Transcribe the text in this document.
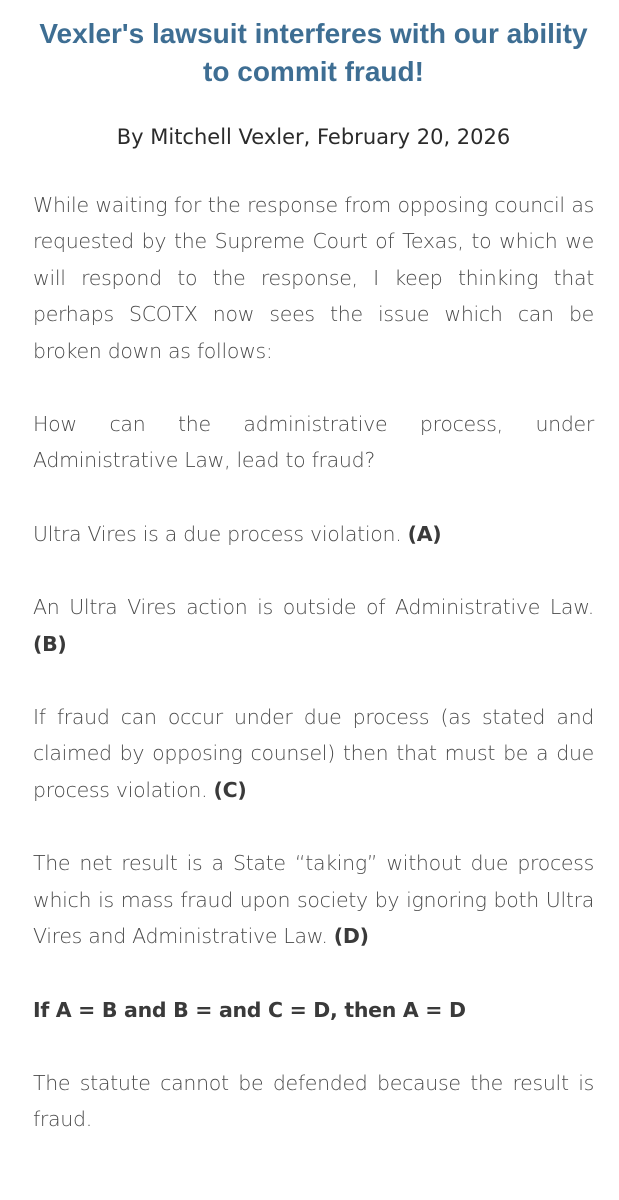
Vexler's lawsuit interferes with our ability to commit fraud!

By Mitchell Vexler, February 20, 2026

While waiting for the response from opposing council as requested by the Supreme Court of Texas, to which we will respond to the response, I keep thinking that perhaps SCOTX now sees the issue which can be broken down as follows:

How can the administrative process, under Administrative Law, lead to fraud?

Ultra Vires is a due process violation. (A)

An Ultra Vires action is outside of Administrative Law. (B)

If fraud can occur under due process (as stated and claimed by opposing counsel) then that must be a due process violation. (C)

The net result is a State “taking” without due process which is mass fraud upon society by ignoring both Ultra Vires and Administrative Law. (D)

If A = B and B = and C = D, then A = D

The statute cannot be defended because the result is fraud.
